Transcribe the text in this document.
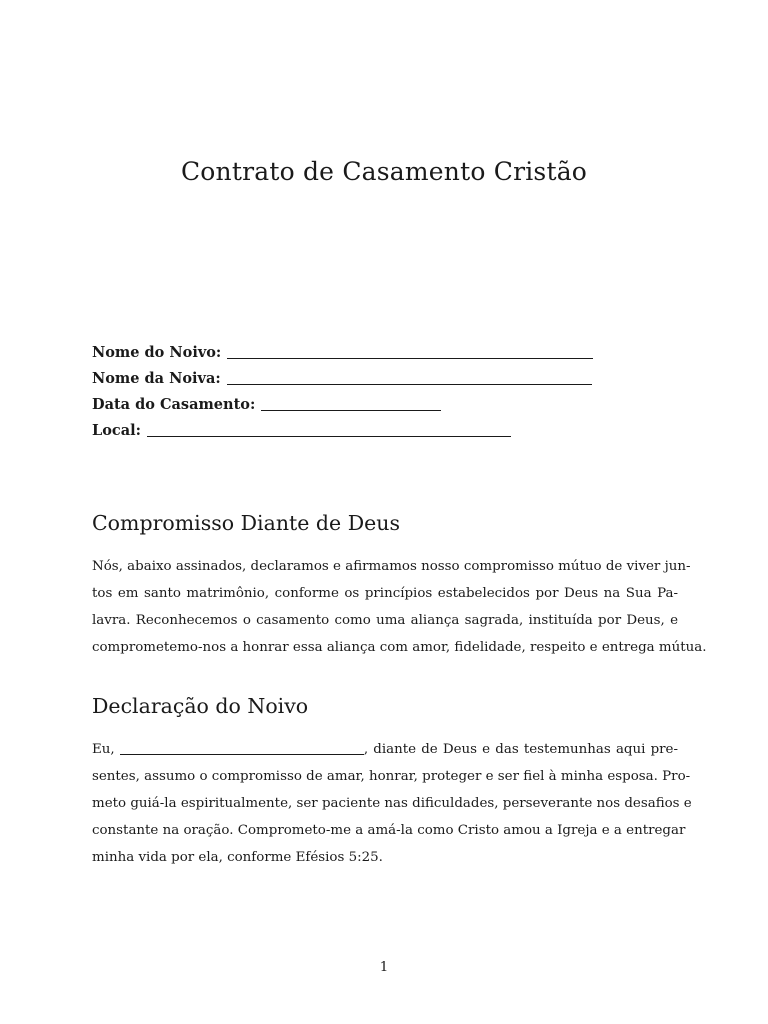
Contrato de Casamento Cristão
Nome do Noivo:
Nome da Noiva:
Data do Casamento:
Local:
Compromisso Diante de Deus
Nós, abaixo assinados, declaramos e afirmamos nosso compromisso mútuo de viver jun-
tos em santo matrimônio, conforme os princípios estabelecidos por Deus na Sua Pa-
lavra. Reconhecemos o casamento como uma aliança sagrada, instituída por Deus, e
comprometemo-nos a honrar essa aliança com amor, fidelidade, respeito e entrega mútua.
Declaração do Noivo
Eu,	, diante de Deus e das testemunhas aqui pre-
sentes, assumo o compromisso de amar, honrar, proteger e ser fiel à minha esposa. Pro-
meto guiá-la espiritualmente, ser paciente nas dificuldades, perseverante nos desafios e
constante na oração. Comprometo-me a amá-la como Cristo amou a Igreja e a entregar
minha vida por ela, conforme Efésios 5:25.
1
